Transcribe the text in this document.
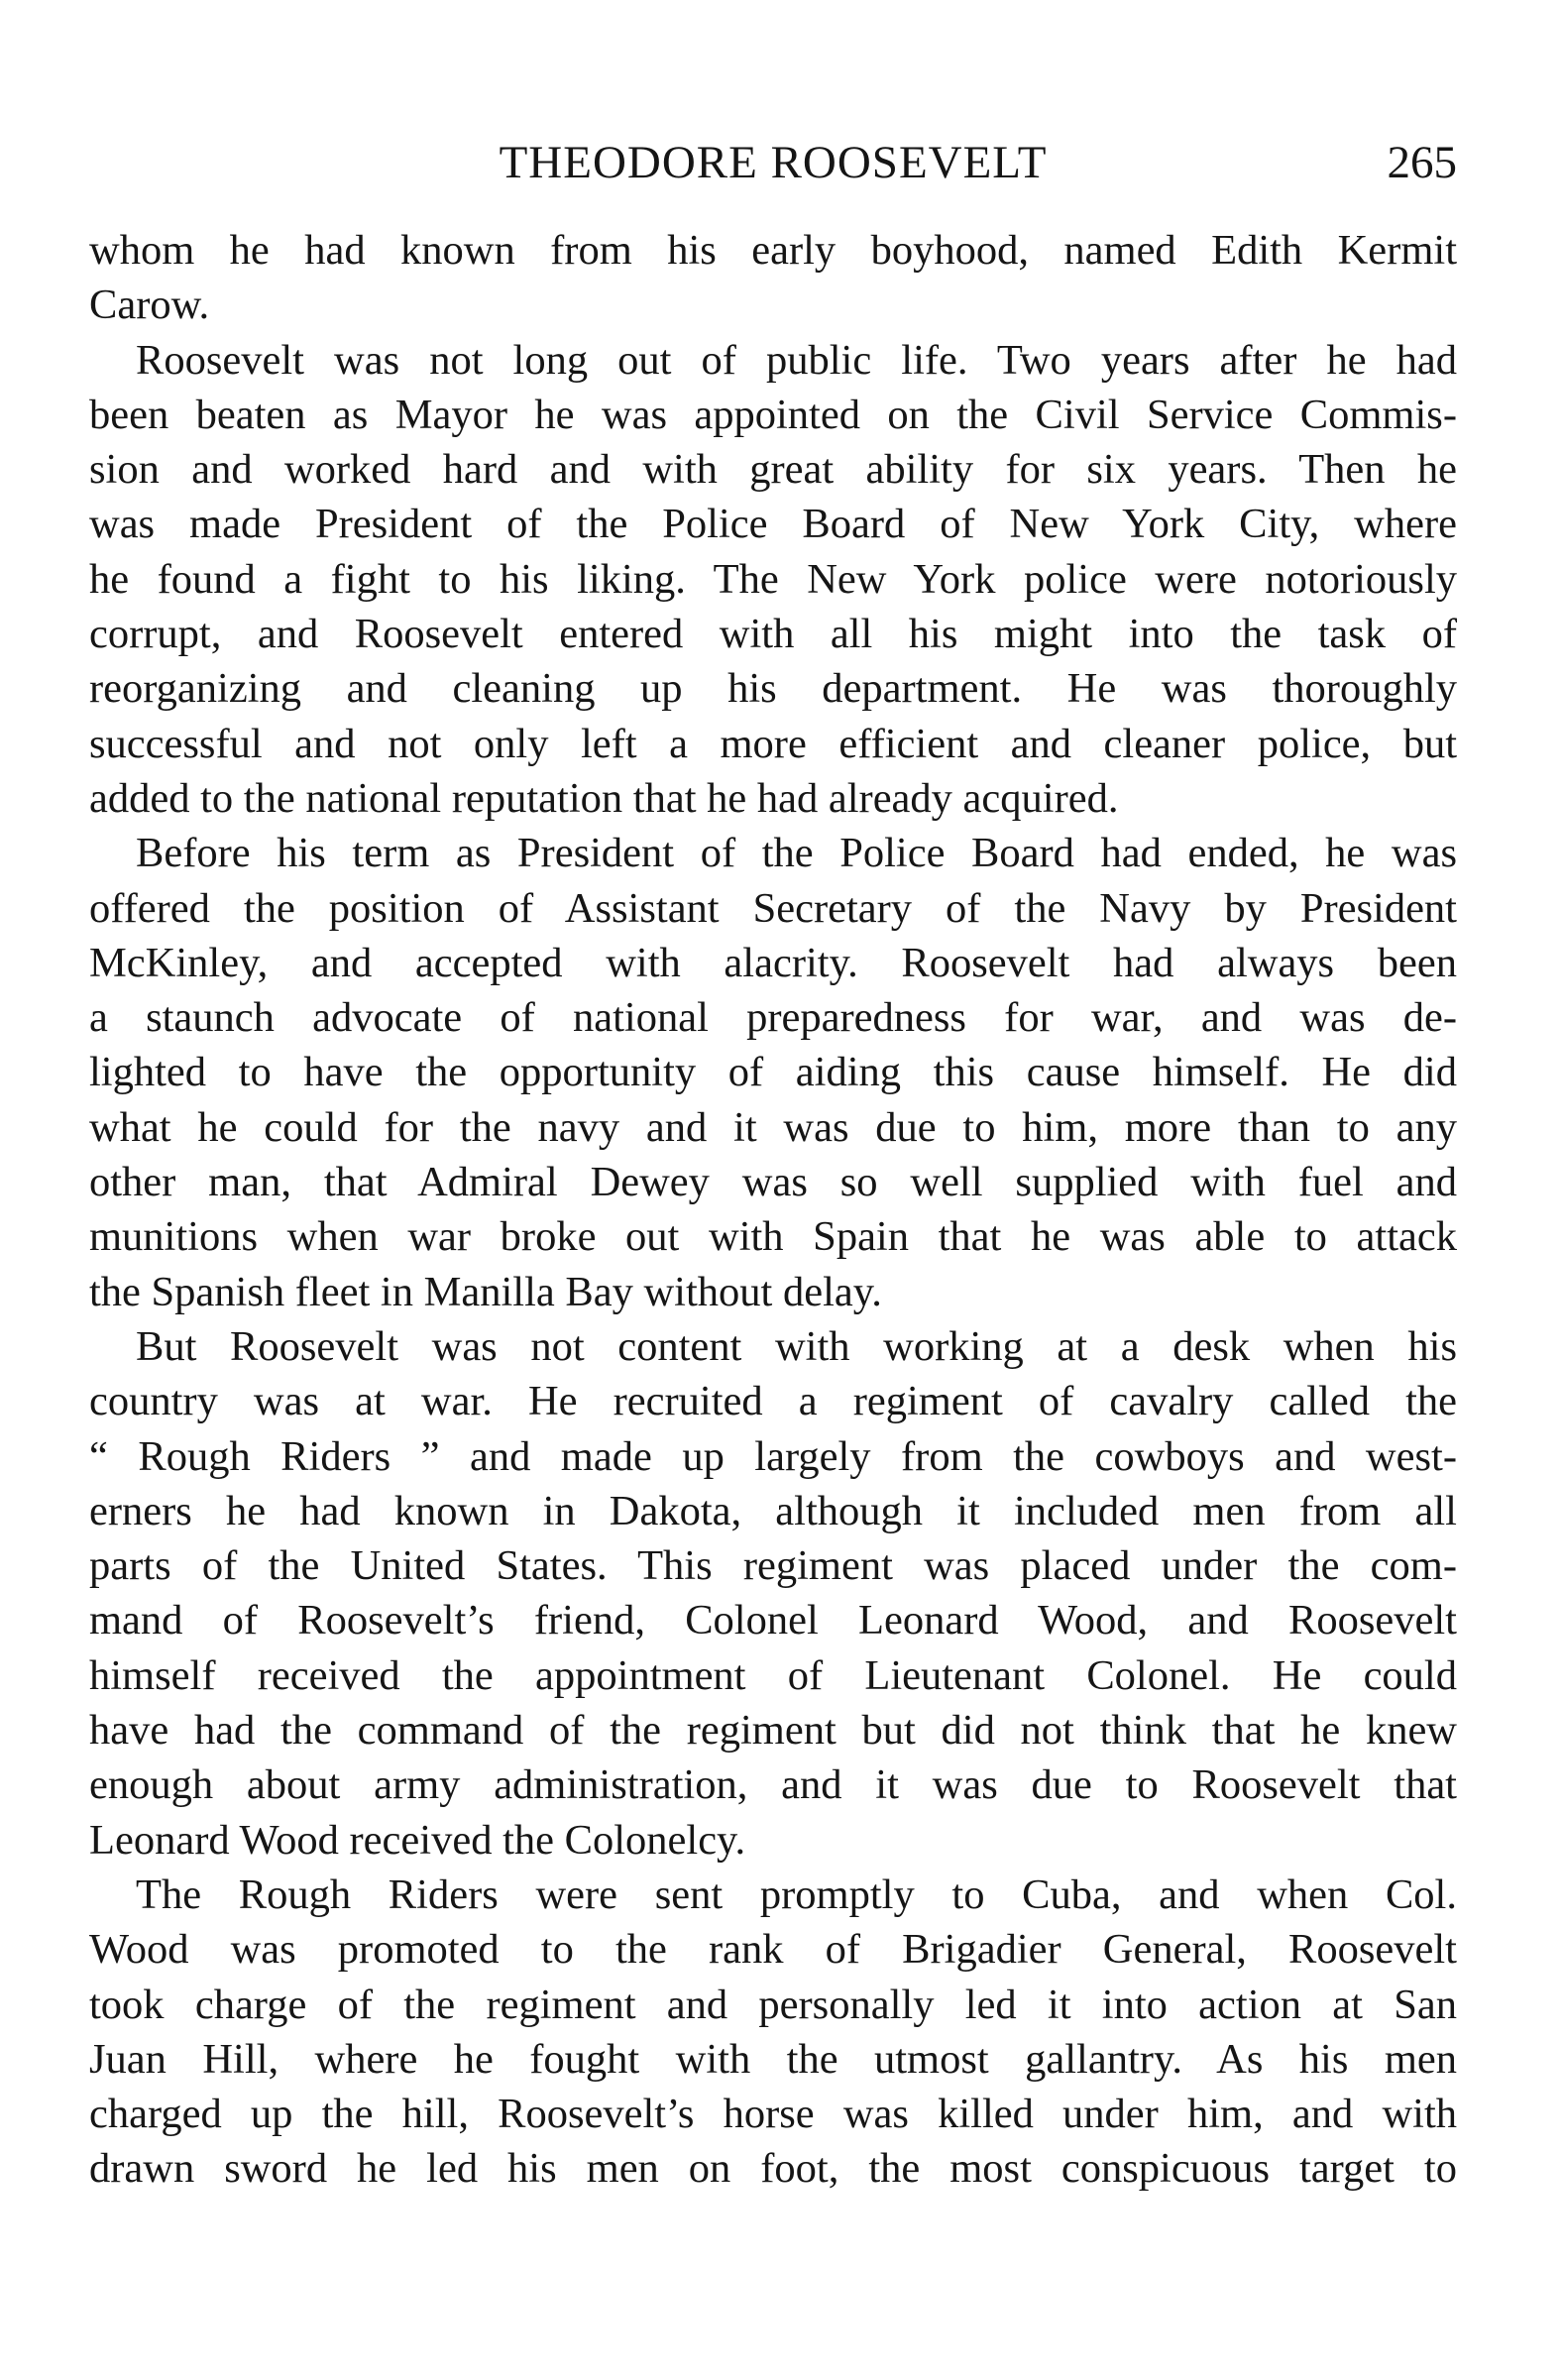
THEODORE ROOSEVELT	265
whom he had known from his early boyhood, named Edith Kermit
Carow.
Roosevelt was not long out of public life. Two years after he had
been beaten as Mayor he was appointed on the Civil Service Commis-
sion and worked hard and with great ability for six years. Then he
was made President of the Police Board of New York City, where
he found a fight to his liking. The New York police were notoriously
corrupt, and Roosevelt entered with all his might into the task of
reorganizing and cleaning up his department. He was thoroughly
successful and not only left a more efficient and cleaner police, but
added to the national reputation that he had already acquired.
Before his term as President of the Police Board had ended, he was
offered the position of Assistant Secretary of the Navy by President
McKinley, and accepted with alacrity. Roosevelt had always been
a staunch advocate of national preparedness for war, and was de-
lighted to have the opportunity of aiding this cause himself. He did
what he could for the navy and it was due to him, more than to any
other man, that Admiral Dewey was so well supplied with fuel and
munitions when war broke out with Spain that he was able to attack
the Spanish fleet in Manilla Bay without delay.
But Roosevelt was not content with working at a desk when his
country was at war. He recruited a regiment of cavalry called the
“ Rough Riders ” and made up largely from the cowboys and west-
erners he had known in Dakota, although it included men from all
parts of the United States. This regiment was placed under the com-
mand of Roosevelt’s friend, Colonel Leonard Wood, and Roosevelt
himself received the appointment of Lieutenant Colonel. He could
have had the command of the regiment but did not think that he knew
enough about army administration, and it was due to Roosevelt that
Leonard Wood received the Colonelcy.
The Rough Riders were sent promptly to Cuba, and when Col.
Wood was promoted to the rank of Brigadier General, Roosevelt
took charge of the regiment and personally led it into action at San
Juan Hill, where he fought with the utmost gallantry. As his men
charged up the hill, Roosevelt’s horse was killed under him, and with
drawn sword he led his men on foot, the most conspicuous target to
